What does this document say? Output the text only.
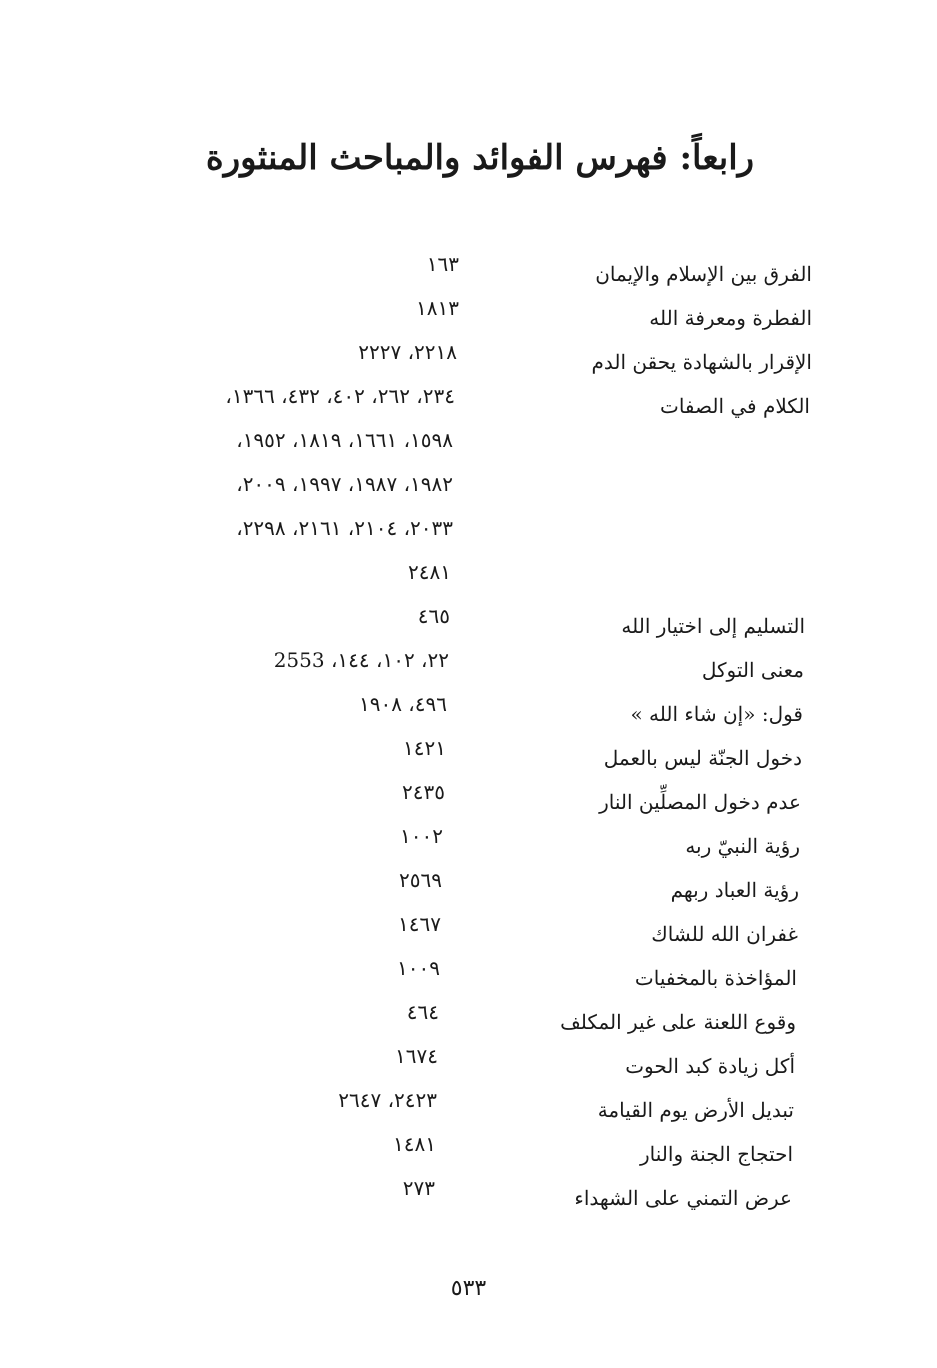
رابعاً: فهرس الفوائد والمباحث المنثورة
الفرق بين الإسلام والإيمان
١٦٣
الفطرة ومعرفة الله
١٨١٣
الإقرار بالشهادة يحقن الدم
٢٢١٨، ٢٢٢٧
الكلام في الصفات
٢٣٤، ٢٦٢، ٤٠٢، ٤٣٢، ١٣٦٦،
١٥٩٨، ١٦٦١، ١٨١٩، ١٩٥٢،
١٩٨٢، ١٩٨٧، ١٩٩٧، ٢٠٠٩،
٢٠٣٣، ٢١٠٤، ٢١٦١، ٢٢٩٨،
٢٤٨١
التسليم إلى اختيار الله
٤٦٥
معنى التوكل
٢٢، ١٠٢، ١٤٤، 2553
قول: «إن شاء الله »
٤٩٦، ١٩٠٨
دخول الجنّة ليس بالعمل
١٤٢١
عدم دخول المصلِّين النار
٢٤٣٥
رؤية النبيّ ربه
١٠٠٢
رؤية العباد ربهم
٢٥٦٩
غفران الله للشاك
١٤٦٧
المؤاخذة بالمخفيات
١٠٠٩
وقوع اللعنة على غير المكلف
٤٦٤
أكل زيادة كبد الحوت
١٦٧٤
تبديل الأرض يوم القيامة
٢٤٢٣، ٢٦٤٧
احتجاج الجنة والنار
١٤٨١
عرض التمني على الشهداء
٢٧٣
٥٣٣
